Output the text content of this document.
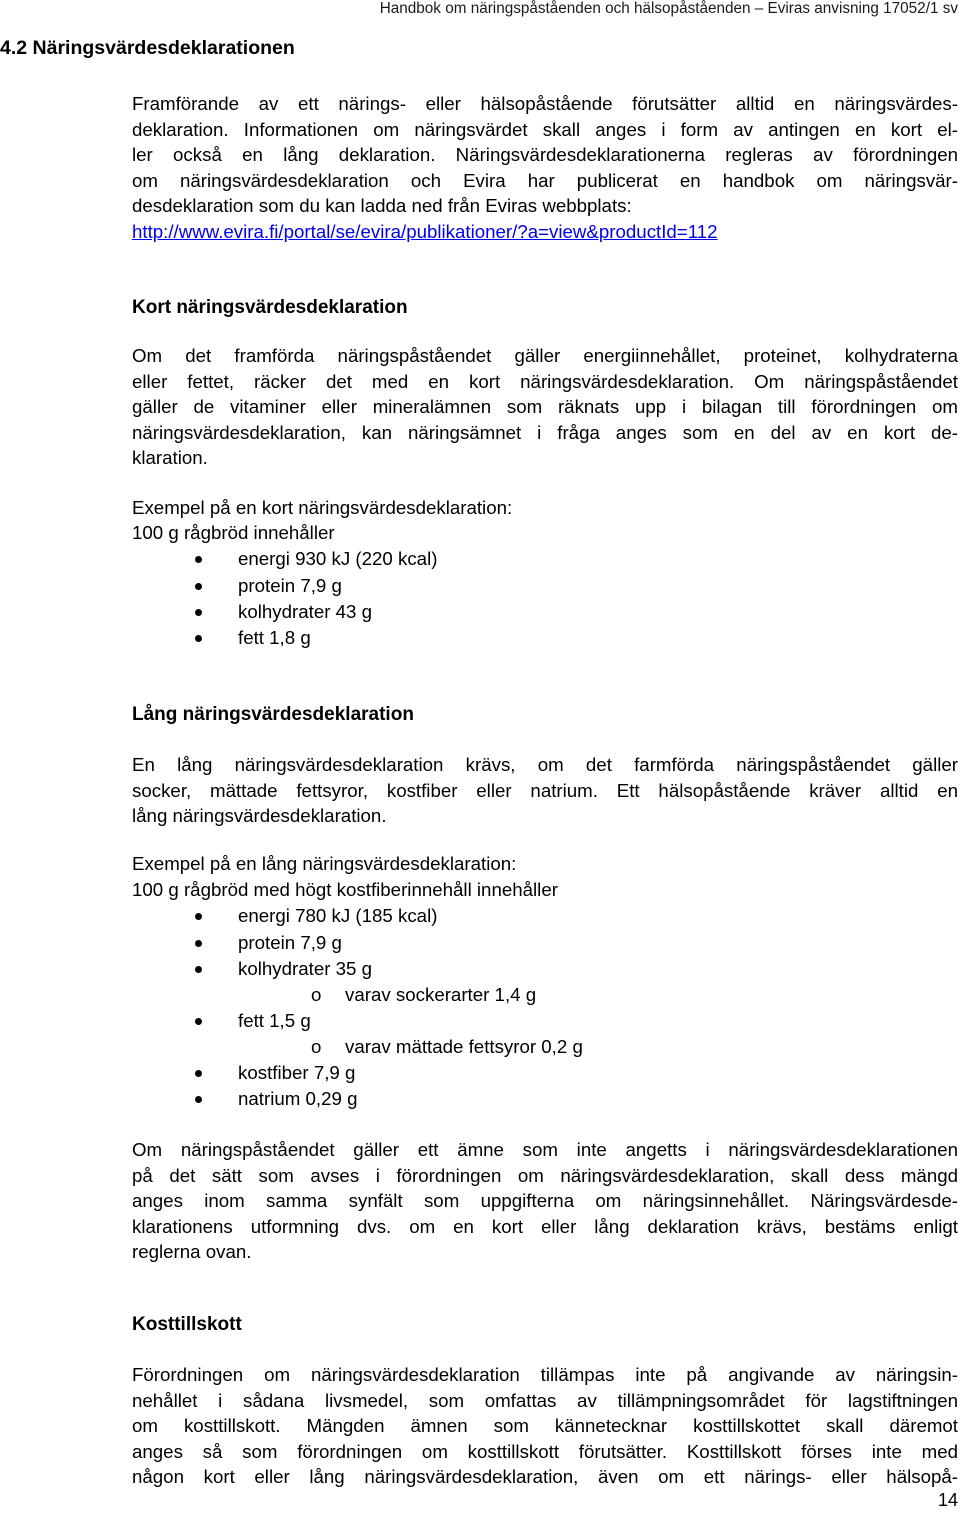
Handbok om näringspåståenden och hälsopåståenden – Eviras anvisning 17052/1 sv
4.2 Näringsvärdesdeklarationen
Framförande av ett närings- eller hälsopåstående förutsätter alltid en näringsvärdes-
deklaration. Informationen om näringsvärdet skall anges i form av antingen en kort el-
ler också en lång deklaration. Näringsvärdesdeklarationerna regleras av förordningen
om näringsvärdesdeklaration och Evira har publicerat en handbok om näringsvär-
desdeklaration som du kan ladda ned från Eviras webbplats:
http://www.evira.fi/portal/se/evira/publikationer/?a=view&productId=112
Kort näringsvärdesdeklaration
Om det framförda näringspåståendet gäller energiinnehållet, proteinet, kolhydraterna
eller fettet, räcker det med en kort näringsvärdesdeklaration. Om näringspåståendet
gäller de vitaminer eller mineralämnen som räknats upp i bilagan till förordningen om
näringsvärdesdeklaration, kan näringsämnet i fråga anges som en del av en kort de-
klaration.
Exempel på en kort näringsvärdesdeklaration:
100 g rågbröd innehåller
energi 930 kJ (220 kcal)
protein 7,9 g
kolhydrater 43 g
fett 1,8 g
Lång näringsvärdesdeklaration
En lång näringsvärdesdeklaration krävs, om det farmförda näringspåståendet gäller
socker, mättade fettsyror, kostfiber eller natrium. Ett hälsopåstående kräver alltid en
lång näringsvärdesdeklaration.
Exempel på en lång näringsvärdesdeklaration:
100 g rågbröd med högt kostfiberinnehåll innehåller
energi 780 kJ (185 kcal)
protein 7,9 g
kolhydrater 35 g
o varav sockerarter 1,4 g
fett 1,5 g
o varav mättade fettsyror 0,2 g
kostfiber 7,9 g
natrium 0,29 g
Om näringspåståendet gäller ett ämne som inte angetts i näringsvärdesdeklarationen
på det sätt som avses i förordningen om näringsvärdesdeklaration, skall dess mängd
anges inom samma synfält som uppgifterna om näringsinnehållet. Näringsvärdesde-
klarationens utformning dvs. om en kort eller lång deklaration krävs, bestäms enligt
reglerna ovan.
Kosttillskott
Förordningen om näringsvärdesdeklaration tillämpas inte på angivande av näringsin-
nehållet i sådana livsmedel, som omfattas av tillämpningsområdet för lagstiftningen
om kosttillskott. Mängden ämnen som kännetecknar kosttillskottet skall däremot
anges så som förordningen om kosttillskott förutsätter. Kosttillskott förses inte med
någon kort eller lång näringsvärdesdeklaration, även om ett närings- eller hälsopå-
14
